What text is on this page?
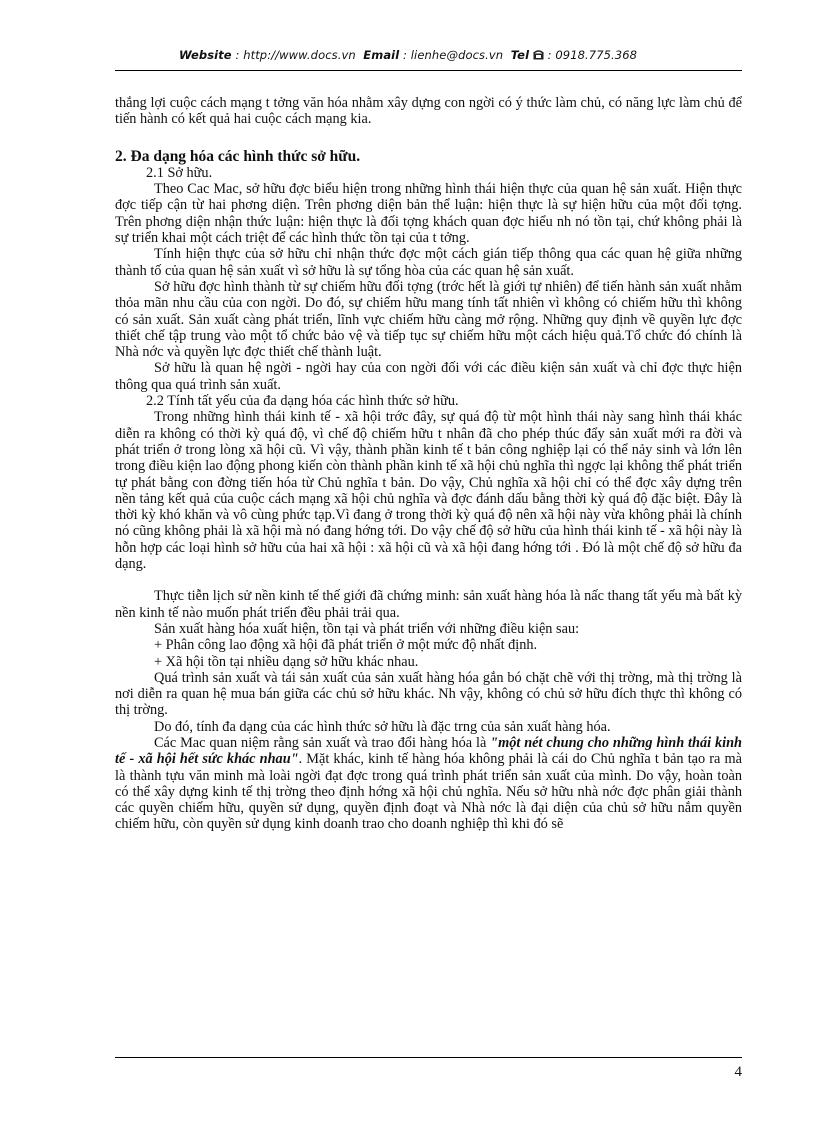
Website : http://www.docs.vn Email : lienhe@docs.vn Tel : 0918.775.368

thắng lợi cuộc cách mạng t tởng văn hóa nhằm xây dựng con ngời có ý thức làm chủ, có năng lực làm chủ để tiến hành có kết quả hai cuộc cách mạng kia.

2. Đa dạng hóa các hình thức sở hữu.

2.1 Sở hữu.

Theo Cac Mac, sở hữu đợc biểu hiện trong những hình thái hiện thực của quan hệ sản xuất. Hiện thực đợc tiếp cận từ hai phơng diện. Trên phơng diện bản thể luận: hiện thực là sự hiện hữu của một đối tợng. Trên phơng diện nhận thức luận: hiện thực là đối tợng khách quan đợc hiểu nh nó tồn tại, chứ không phải là sự triển khai một cách triệt để các hình thức tồn tại của t tởng.

Tính hiện thực của sở hữu chỉ nhận thức đợc một cách gián tiếp thông qua các quan hệ giữa những thành tố của quan hệ sản xuất vì sở hữu là sự tổng hòa của các quan hệ sản xuất.

Sở hữu đợc hình thành từ sự chiếm hữu đối tợng (trớc hết là giới tự nhiên) để tiến hành sản xuất nhằm thỏa mãn nhu cầu của con ngời. Do đó, sự chiếm hữu mang tính tất nhiên vì không có chiếm hữu thì không có sản xuất. Sản xuất càng phát triển, lĩnh vực chiếm hữu càng mở rộng. Những quy định về quyền lực đợc thiết chế tập trung vào một tổ chức bảo vệ và tiếp tục sự chiếm hữu một cách hiệu quả.Tổ chức đó chính là Nhà nớc và quyền lực đợc thiết chế thành luật.

Sở hữu là quan hệ ngời - ngời hay của con ngời đối với các điều kiện sản xuất và chỉ đợc thực hiện thông qua quá trình sản xuất.

2.2 Tính tất yếu của đa dạng hóa các hình thức sở hữu.

Trong những hình thái kinh tế - xã hội trớc đây, sự quá độ từ một hình thái này sang hình thái khác diễn ra không có thời kỳ quá độ, vì chế độ chiếm hữu t nhân đã cho phép thúc đẩy sản xuất mới ra đời và phát triển ở trong lòng xã hội cũ. Vì vậy, thành phần kinh tế t bản công nghiệp lại có thể nảy sinh và lớn lên trong điều kiện lao động phong kiến còn thành phần kinh tế xã hội chủ nghĩa thì ngợc lại không thể phát triển tự phát bằng con đờng tiến hóa từ Chủ nghĩa t bản. Do vậy, Chủ nghĩa xã hội chỉ có thể đợc xây dựng trên nền tảng kết quả của cuộc cách mạng xã hội chủ nghĩa và đợc đánh dấu bằng thời kỳ quá độ đặc biệt. Đây là thời kỳ khó khăn và vô cùng phức tạp.Vì đang ở trong thời kỳ quá độ nên xã hội này vừa không phải là chính nó cũng không phải là xã hội mà nó đang hớng tới. Do vậy chế độ sở hữu của hình thái kinh tế - xã hội này là hỗn hợp các loại hình sở hữu của hai xã hội : xã hội cũ và xã hội đang hớng tới . Đó là một chế độ sở hữu đa dạng.

Thực tiễn lịch sử nền kinh tế thế giới đã chứng minh: sản xuất hàng hóa là nấc thang tất yếu mà bất kỳ nền kinh tế nào muốn phát triển đều phải trải qua.

Sản xuất hàng hóa xuất hiện, tồn tại và phát triển với những điều kiện sau:

+ Phân công lao động xã hội đã phát triển ở một mức độ nhất định.

+ Xã hội tồn tại nhiều dạng sở hữu khác nhau.

Quá trình sản xuất và tái sản xuất của sản xuất hàng hóa gắn bó chặt chẽ với thị trờng, mà thị trờng là nơi diễn ra quan hệ mua bán giữa các chủ sở hữu khác. Nh vậy, không có chủ sở hữu đích thực thì không có thị trờng.

Do đó, tính đa dạng của các hình thức sở hữu là đặc trng của sản xuất hàng hóa.

Các Mac quan niệm rằng sản xuất và trao đổi hàng hóa là "một nét chung cho những hình thái kinh tế - xã hội hết sức khác nhau". Mặt khác, kinh tế hàng hóa không phải là cái do Chủ nghĩa t bản tạo ra mà là thành tựu văn minh mà loài ngời đạt đợc trong quá trình phát triển sản xuất của mình. Do vậy, hoàn toàn có thể xây dựng kinh tế thị trờng theo định hớng xã hội chủ nghĩa. Nếu sở hữu nhà nớc đợc phân giải thành các quyền chiếm hữu, quyền sử dụng, quyền định đoạt và Nhà nớc là đại diện của chủ sở hữu nắm quyền chiếm hữu, còn quyền sử dụng kinh doanh trao cho doanh nghiệp thì khi đó sẽ

4
